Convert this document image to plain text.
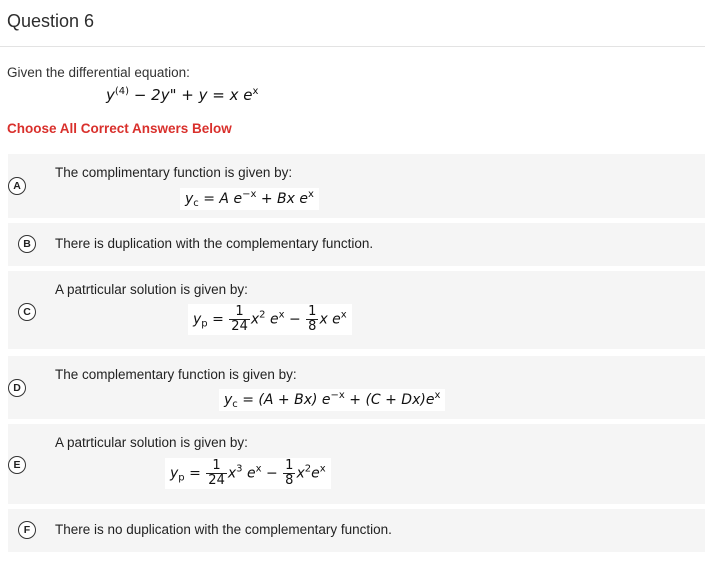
Question 6
Given the differential equation:
$y^{(4)} - 2y$" + y = x $e^x$
Choose All Correct Answers Below
A
The complimentary function is given by:
$y_c = A$ $e^{-x} + Bx$ $e^x$
B	There is duplication with the complementary function.
C
A patrticular solution is given by:
$y_p = \frac{1}{24} x^2$ $e^x - \frac{1}{8}$ x $e^x$
D
The complementary function is given by:
$y_c = (A + Bx) e^{-x} + (C + Dx)e^x$
E
A patrticular solution is given by:
$y_p = \frac{1}{24} x^3$ $e^x - \frac{1}{8} x^2e^x$
F	There is no duplication with the complementary function.
